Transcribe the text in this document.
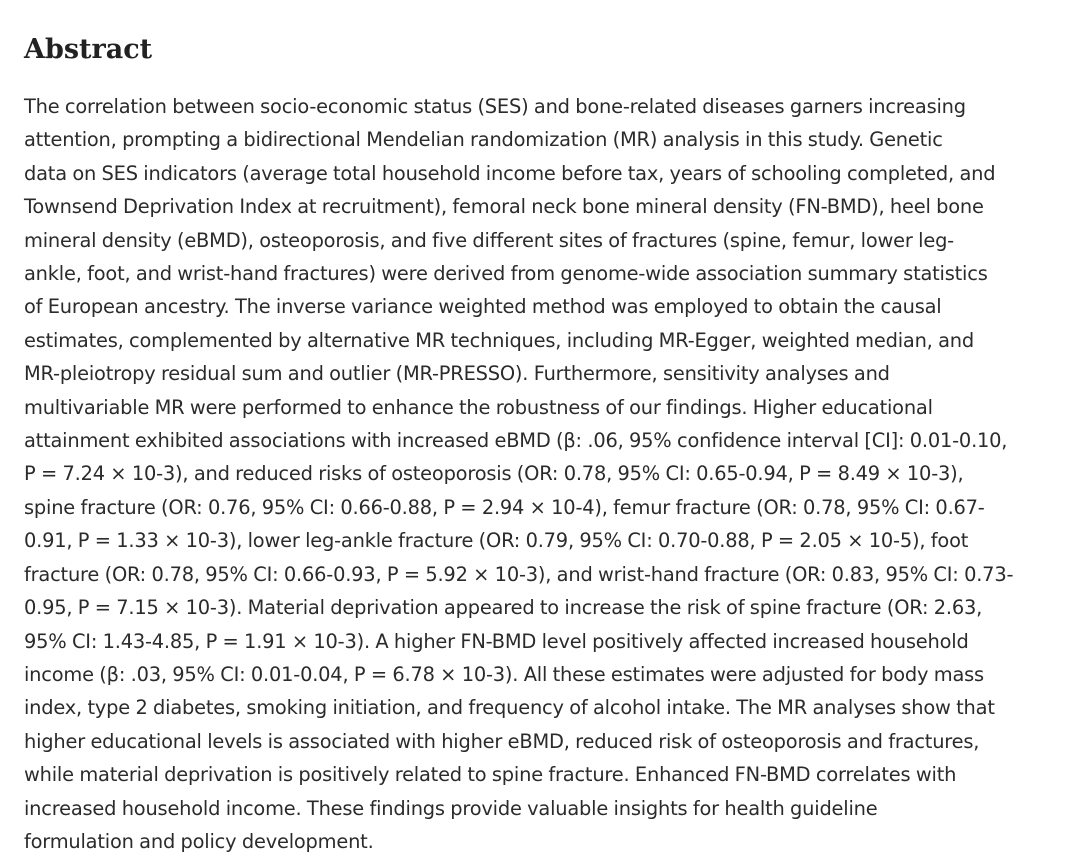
Abstract

The correlation between socio-economic status (SES) and bone-related diseases garners increasing
attention, prompting a bidirectional Mendelian randomization (MR) analysis in this study. Genetic
data on SES indicators (average total household income before tax, years of schooling completed, and
Townsend Deprivation Index at recruitment), femoral neck bone mineral density (FN-BMD), heel bone
mineral density (eBMD), osteoporosis, and five different sites of fractures (spine, femur, lower leg-
ankle, foot, and wrist-hand fractures) were derived from genome-wide association summary statistics
of European ancestry. The inverse variance weighted method was employed to obtain the causal
estimates, complemented by alternative MR techniques, including MR-Egger, weighted median, and
MR-pleiotropy residual sum and outlier (MR-PRESSO). Furthermore, sensitivity analyses and
multivariable MR were performed to enhance the robustness of our findings. Higher educational
attainment exhibited associations with increased eBMD (β: .06, 95% confidence interval [CI]: 0.01-0.10,
P = 7.24 × 10-3), and reduced risks of osteoporosis (OR: 0.78, 95% CI: 0.65-0.94, P = 8.49 × 10-3),
spine fracture (OR: 0.76, 95% CI: 0.66-0.88, P = 2.94 × 10-4), femur fracture (OR: 0.78, 95% CI: 0.67-
0.91, P = 1.33 × 10-3), lower leg-ankle fracture (OR: 0.79, 95% CI: 0.70-0.88, P = 2.05 × 10-5), foot
fracture (OR: 0.78, 95% CI: 0.66-0.93, P = 5.92 × 10-3), and wrist-hand fracture (OR: 0.83, 95% CI: 0.73-
0.95, P = 7.15 × 10-3). Material deprivation appeared to increase the risk of spine fracture (OR: 2.63,
95% CI: 1.43-4.85, P = 1.91 × 10-3). A higher FN-BMD level positively affected increased household
income (β: .03, 95% CI: 0.01-0.04, P = 6.78 × 10-3). All these estimates were adjusted for body mass
index, type 2 diabetes, smoking initiation, and frequency of alcohol intake. The MR analyses show that
higher educational levels is associated with higher eBMD, reduced risk of osteoporosis and fractures,
while material deprivation is positively related to spine fracture. Enhanced FN-BMD correlates with
increased household income. These findings provide valuable insights for health guideline
formulation and policy development.
